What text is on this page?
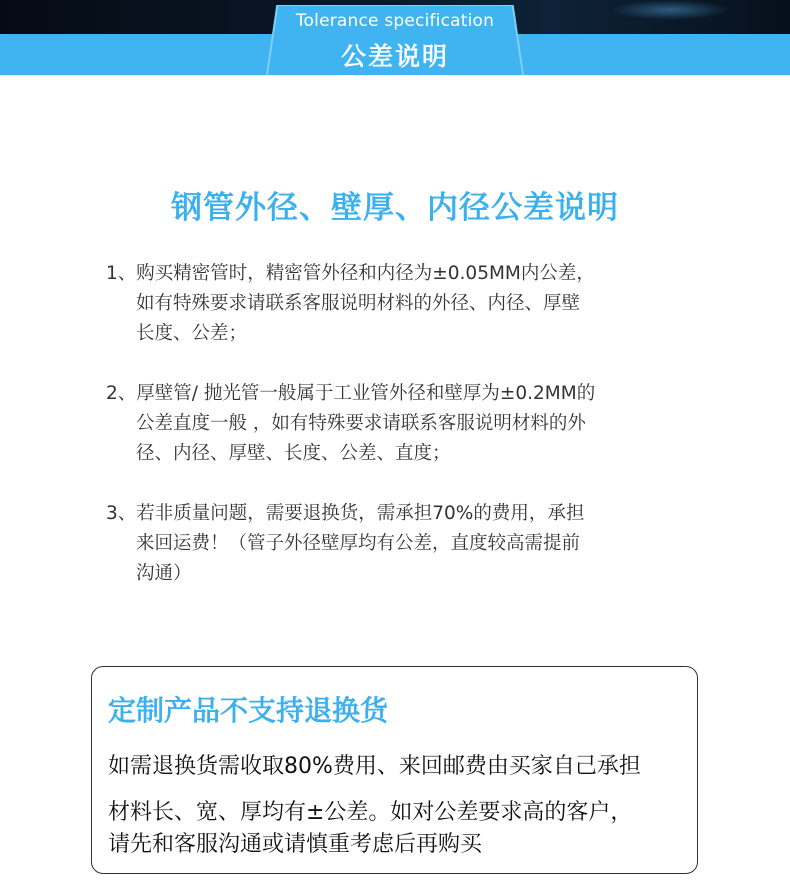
Tolerance specification
公差说明
钢管外径、壁厚、内径公差说明

1、购买精密管时，精密管外径和内径为±0.05MM内公差，
如有特殊要求请联系客服说明材料的外径、内径、厚壁
长度、公差；

2、厚壁管/ 抛光管一般属于工业管外径和壁厚为±0.2MM的
公差直度一般 ，如有特殊要求请联系客服说明材料的外
径、内径、厚壁、长度、公差、直度；

3、若非质量问题，需要退换货，需承担70%的费用，承担
来回运费！（管子外径壁厚均有公差，直度较高需提前
沟通）

定制产品不支持退换货
如需退换货需收取80%费用、来回邮费由买家自己承担
材料长、宽、厚均有±公差。如对公差要求高的客户，
请先和客服沟通或请慎重考虑后再购买
